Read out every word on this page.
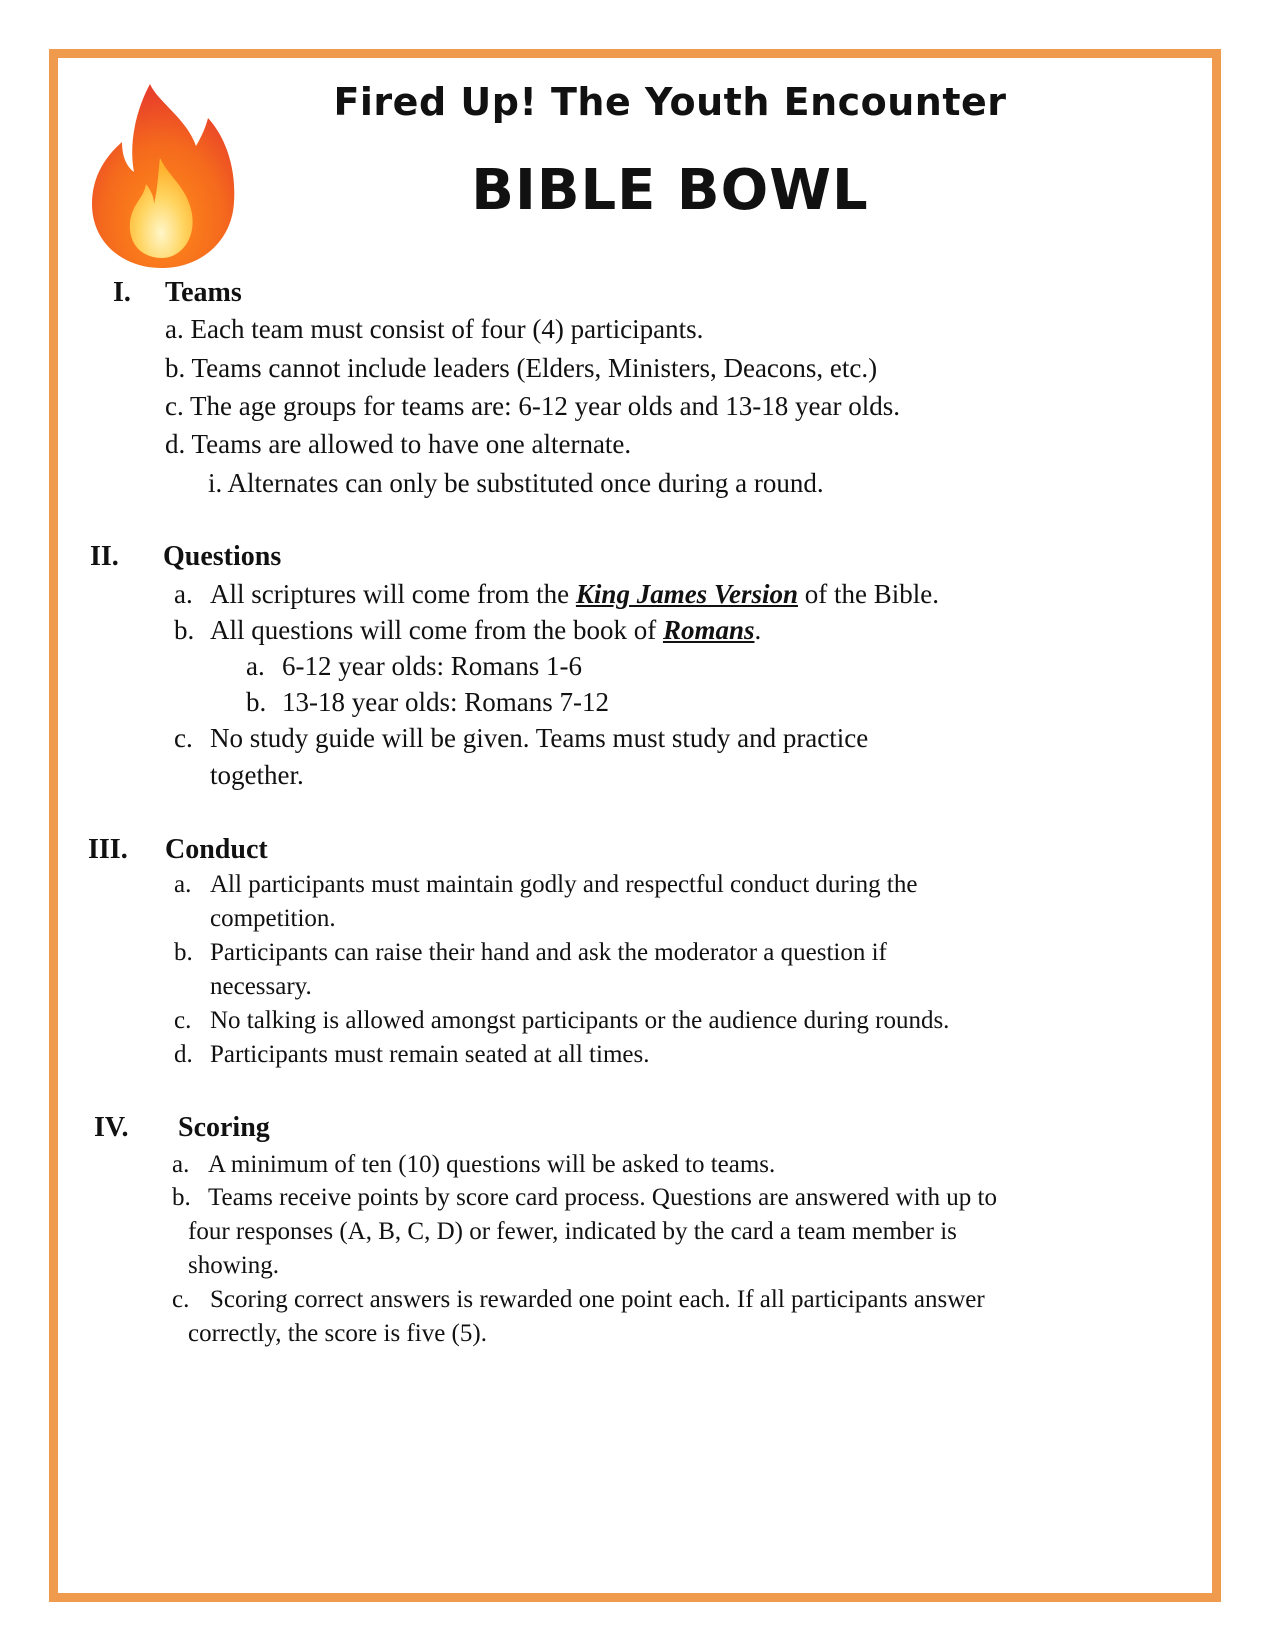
Fired Up! The Youth Encounter
BIBLE BOWL
I. Teams
a. Each team must consist of four (4) participants.
b. Teams cannot include leaders (Elders, Ministers, Deacons, etc.)
c. The age groups for teams are: 6-12 year olds and 13-18 year olds.
d. Teams are allowed to have one alternate.
i. Alternates can only be substituted once during a round.
II. Questions
a. All scriptures will come from the King James Version of the Bible.
b. All questions will come from the book of Romans.
a. 6-12 year olds: Romans 1-6
b. 13-18 year olds: Romans 7-12
c. No study guide will be given. Teams must study and practice
together.
III. Conduct
a. All participants must maintain godly and respectful conduct during the
competition.
b. Participants can raise their hand and ask the moderator a question if
necessary.
c. No talking is allowed amongst participants or the audience during rounds.
d. Participants must remain seated at all times.
IV. Scoring
a. A minimum of ten (10) questions will be asked to teams.
b. Teams receive points by score card process. Questions are answered with up to
four responses (A, B, C, D) or fewer, indicated by the card a team member is
showing.
c. Scoring correct answers is rewarded one point each. If all participants answer
correctly, the score is five (5).
